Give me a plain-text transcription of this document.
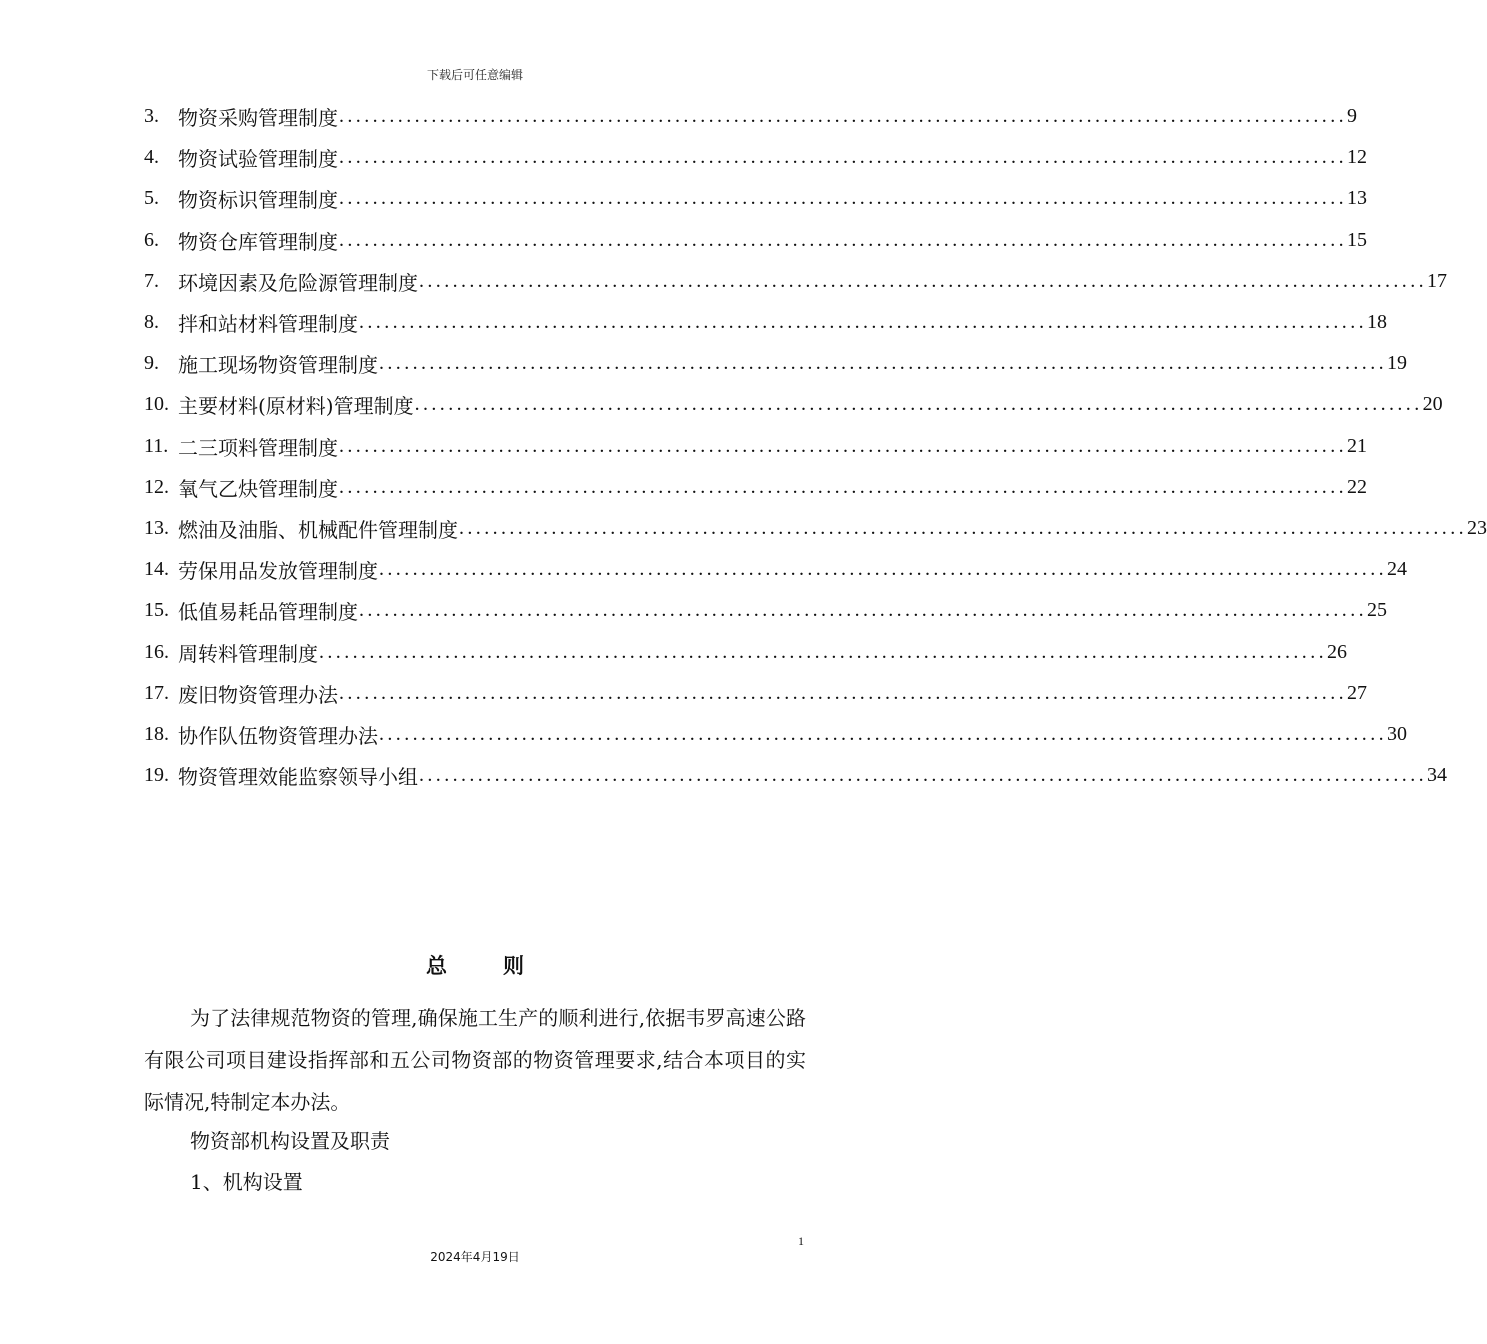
下载后可任意编辑
3. 物资采购管理制度 ........................................................................................................................ 9
4. 物资试验管理制度 ........................................................................................................................ 12
5. 物资标识管理制度 ........................................................................................................................ 13
6. 物资仓库管理制度 ........................................................................................................................ 15
7. 环境因素及危险源管理制度 ........................................................................................................................ 17
8. 拌和站材料管理制度 ........................................................................................................................ 18
9. 施工现场物资管理制度 ........................................................................................................................ 19
10. 主要材料(原材料)管理制度 ........................................................................................................................ 20
11. 二三项料管理制度 ........................................................................................................................ 21
12. 氧气乙炔管理制度 ........................................................................................................................ 22
13. 燃油及油脂、机械配件管理制度 ........................................................................................................................ 23
14. 劳保用品发放管理制度 ........................................................................................................................ 24
15. 低值易耗品管理制度 ........................................................................................................................ 25
16. 周转料管理制度 ........................................................................................................................ 26
17. 废旧物资管理办法 ........................................................................................................................ 27
18. 协作队伍物资管理办法 ........................................................................................................................ 30
19. 物资管理效能监察领导小组 ........................................................................................................................ 34
总则
为了法律规范物资的管理,确保施工生产的顺利进行,依据韦罗高速公路有限公司项目建设指挥部和五公司物资部的物资管理要求,结合本项目的实际情况,特制定本办法。
物资部机构设置及职责
1、机构设置
1
2024年4月19日
